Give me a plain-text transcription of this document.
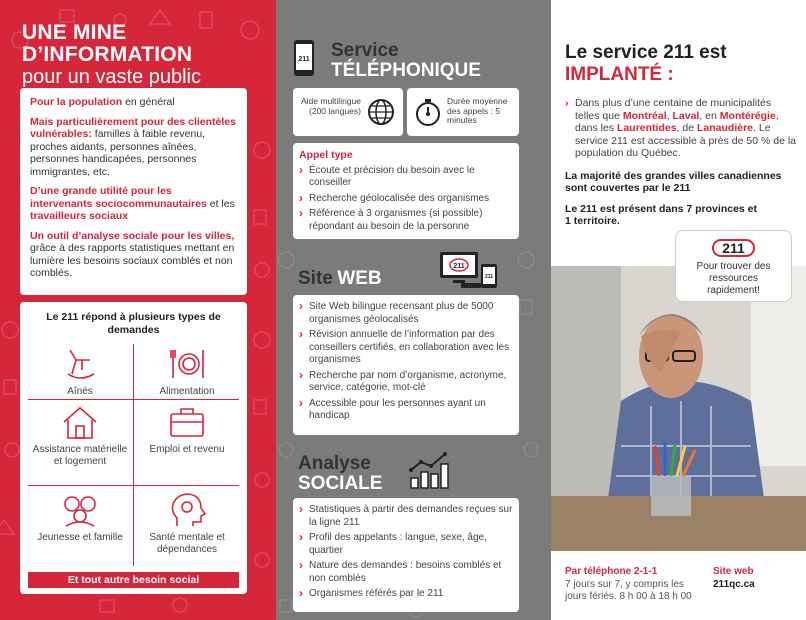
UNE MINE
D’INFORMATION
pour un vaste public

Pour la population en général

Mais particulièrement pour des clientèles vulnérables: familles à faible revenu, proches aidants, personnes aînées, personnes handicapées, personnes immigrantes, etc.

D’une grande utilité pour les intervenants sociocommunautaires et les travailleurs sociaux

Un outil d’analyse sociale pour les villes, grâce à des rapports statistiques mettant en lumière les besoins sociaux comblés et non comblés.

Le 211 répond à plusieurs types de demandes
Aînés	Alimentation
Assistance matérielle et logement
Emploi et revenu
Jeunesse et famille	Santé mentale et dépendances
Et tout autre besoin social
211 Service
TÉLÉPHONIQUE
Aide multilingue (200 langues)
Durée moyenne des appels : 5 minutes
Appel type
› Écoute et précision du besoin avec le conseiller
› Recherche géolocalisée des organismes
› Référence à 3 organismes (si possible) répondant au besoin de la personne
Site WEB
211
211
› Site Web bilingue recensant plus de 5000 organismes géolocalisés
› Révision annuelle de l’information par des conseillers certifiés, en collaboration avec les organismes
› Recherche par nom d’organisme, acronyme, service, catégorie, mot-clé
› Accessible pour les personnes ayant un handicap
Analyse
SOCIALE
› Statistiques à partir des demandes reçues sur la ligne 211
› Profil des appelants : langue, sexe, âge, quartier
› Nature des demandes : besoins comblés et non comblés
› Organismes référés par le 211
Le service 211 est
IMPLANTÉ :
› Dans plus d’une centaine de municipalités telles que Montréal, Laval, en Montérégie, dans les Laurentides, de Lanaudière. Le service 211 est accessible à près de 50 % de la population du Québec.
La majorité des grandes villes canadiennes sont couvertes par le 211
Le 211 est présent dans 7 provinces et 1 territoire.
211
Pour trouver des ressources rapidement!
Par téléphone 2-1-1
7 jours sur 7, y compris les jours fériés. 8 h 00 à 18 h 00
Site web
211qc.ca
